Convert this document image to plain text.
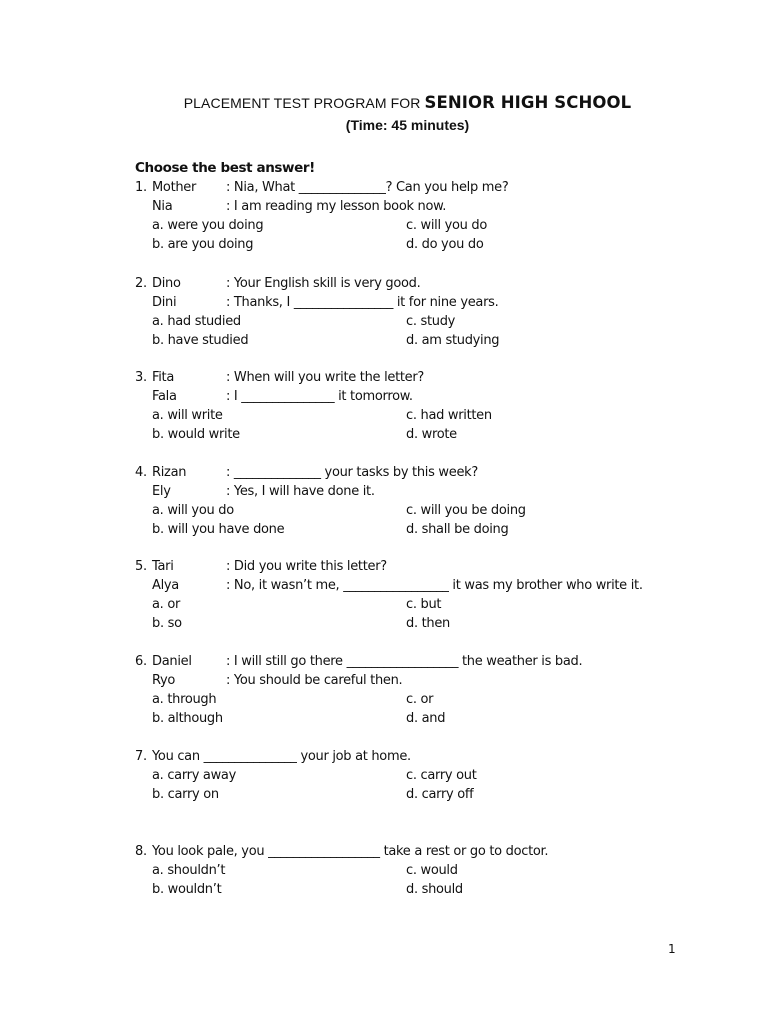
PLACEMENT TEST PROGRAM FOR SENIOR HIGH SCHOOL
(Time: 45 minutes)
Choose the best answer!
1. Mother : Nia, What ______________? Can you help me?
Nia	: I am reading my lesson book now.
a. were you doing	c. will you do
b. are you doing	d. do you do
2. Dino	: Your English skill is very good.
Dini	: Thanks, I ________________ it for nine years.
a. had studied	c. study
b. have studied	d. am studying
3. Fita	: When will you write the letter?
Fala	: I _______________ it tomorrow.
a. will write	c. had written
b. would write	d. wrote
4. Rizan	: ______________ your tasks by this week?
Ely	: Yes, I will have done it.
a. will you do	c. will you be doing
b. will you have done	d. shall be doing
5. Tari	: Did you write this letter?
Alya	: No, it wasn’t me, _________________ it was my brother who write it.
a. or	c. but
b. so	d. then
6. Daniel	: I will still go there __________________ the weather is bad.
Ryo	: You should be careful then.
a. through	c. or
b. although	d. and
7. You can _______________ your job at home.
a. carry away	c. carry out
b. carry on	d. carry off
8. You look pale, you __________________ take a rest or go to doctor.
a. shouldn’t	c. would
b. wouldn’t	d. should
1
